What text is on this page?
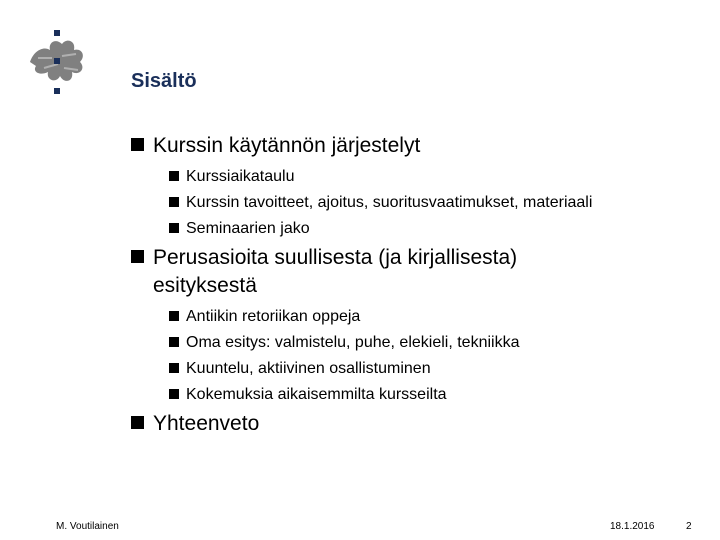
Sisältö
Kurssin käytännön järjestelyt
Kurssiaikataulu
Kurssin tavoitteet, ajoitus, suoritusvaatimukset, materiaali
Seminaarien jako
Perusasioita suullisesta (ja kirjallisesta) esityksestä
Antiikin retoriikan oppeja
Oma esitys: valmistelu, puhe, elekieli, tekniikka
Kuuntelu, aktiivinen osallistuminen
Kokemuksia aikaisemmilta kursseilta
Yhteenveto
M. Voutilainen	18.1.2016	2
